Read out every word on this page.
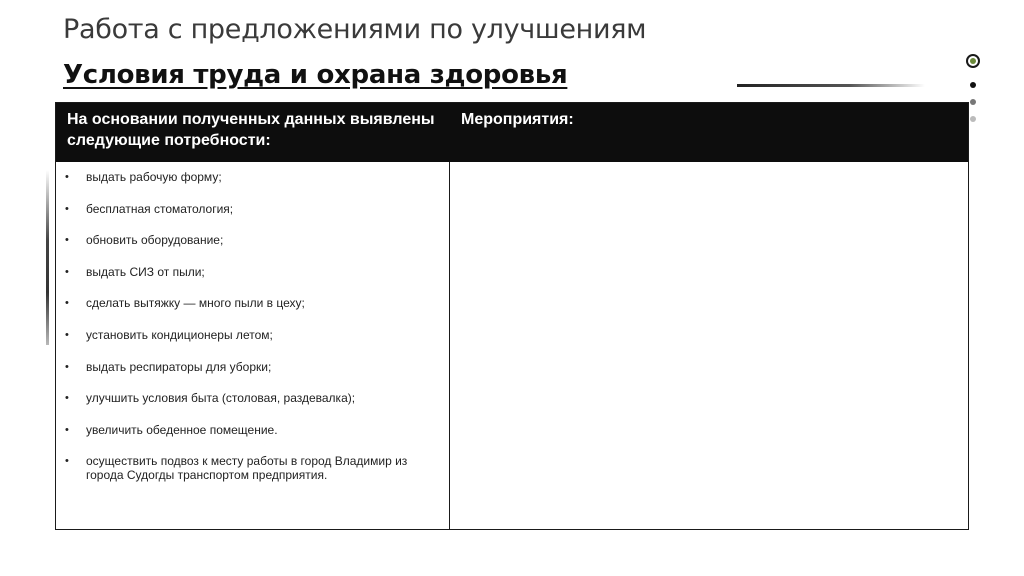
Работа с предложениями по улучшениям
Условия труда и охрана здоровья
На основании полученных данных выявлены следующие потребности:
Мероприятия:
• выдать рабочую форму;
• бесплатная стоматология;
• обновить оборудование;
• выдать СИЗ от пыли;
• сделать вытяжку — много пыли в цеху;
• установить кондиционеры летом;
• выдать респираторы для уборки;
• улучшить условия быта (столовая, раздевалка);
• увеличить обеденное помещение.
• осуществить подвоз к месту работы в город Владимир из города Судогды транспортом предприятия.
